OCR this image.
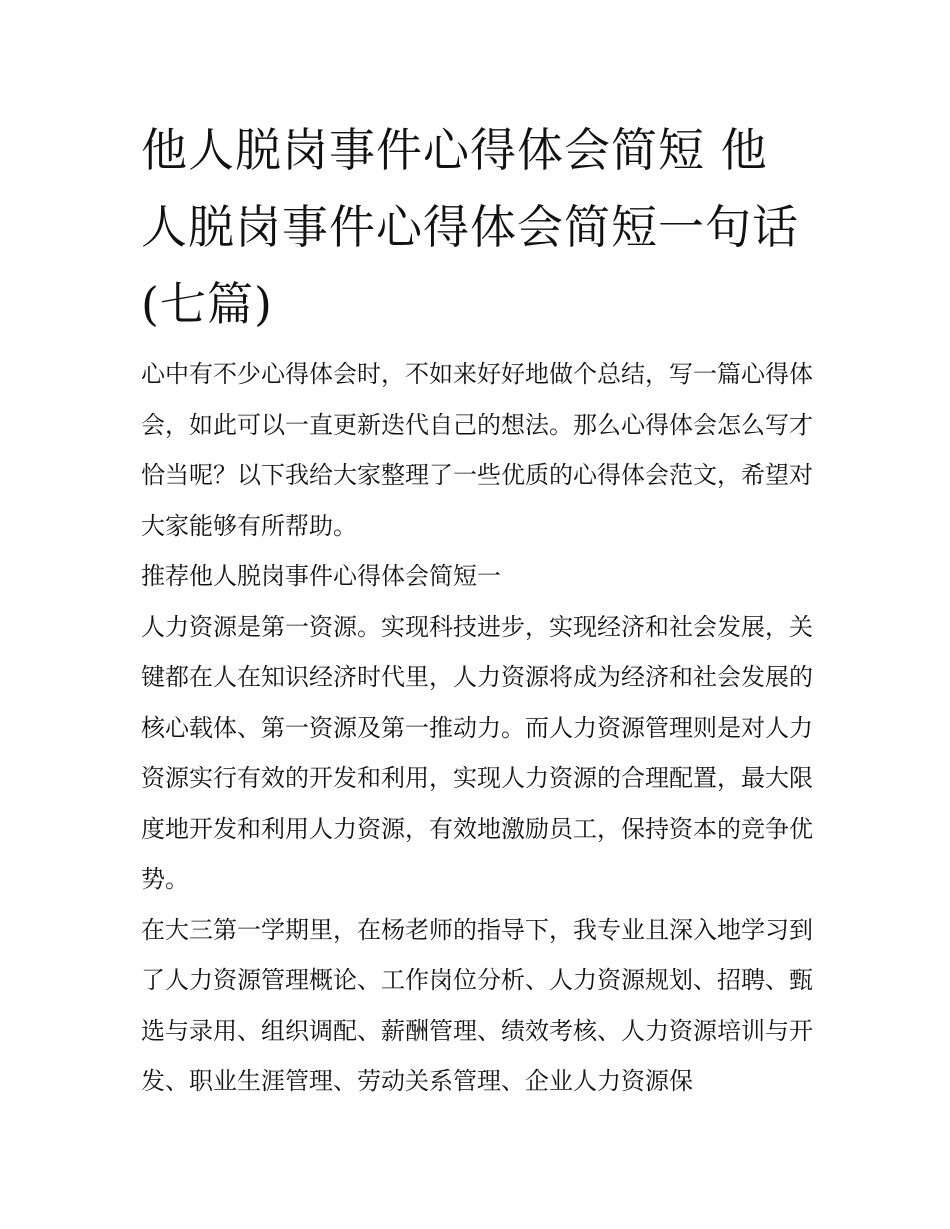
他人脱岗事件心得体会简短 他人脱岗事件心得体会简短一句话(七篇)

心中有不少心得体会时，不如来好好地做个总结，写一篇心得体会，如此可以一直更新迭代自己的想法。那么心得体会怎么写才恰当呢？以下我给大家整理了一些优质的心得体会范文，希望对大家能够有所帮助。

推荐他人脱岗事件心得体会简短一

人力资源是第一资源。实现科技进步，实现经济和社会发展，关键都在人在知识经济时代里，人力资源将成为经济和社会发展的核心载体、第一资源及第一推动力。而人力资源管理则是对人力资源实行有效的开发和利用，实现人力资源的合理配置，最大限度地开发和利用人力资源，有效地激励员工，保持资本的竞争优势。

在大三第一学期里，在杨老师的指导下，我专业且深入地学习到了人力资源管理概论、工作岗位分析、人力资源规划、招聘、甄选与录用、组织调配、薪酬管理、绩效考核、人力资源培训与开发、职业生涯管理、劳动关系管理、企业人力资源保
